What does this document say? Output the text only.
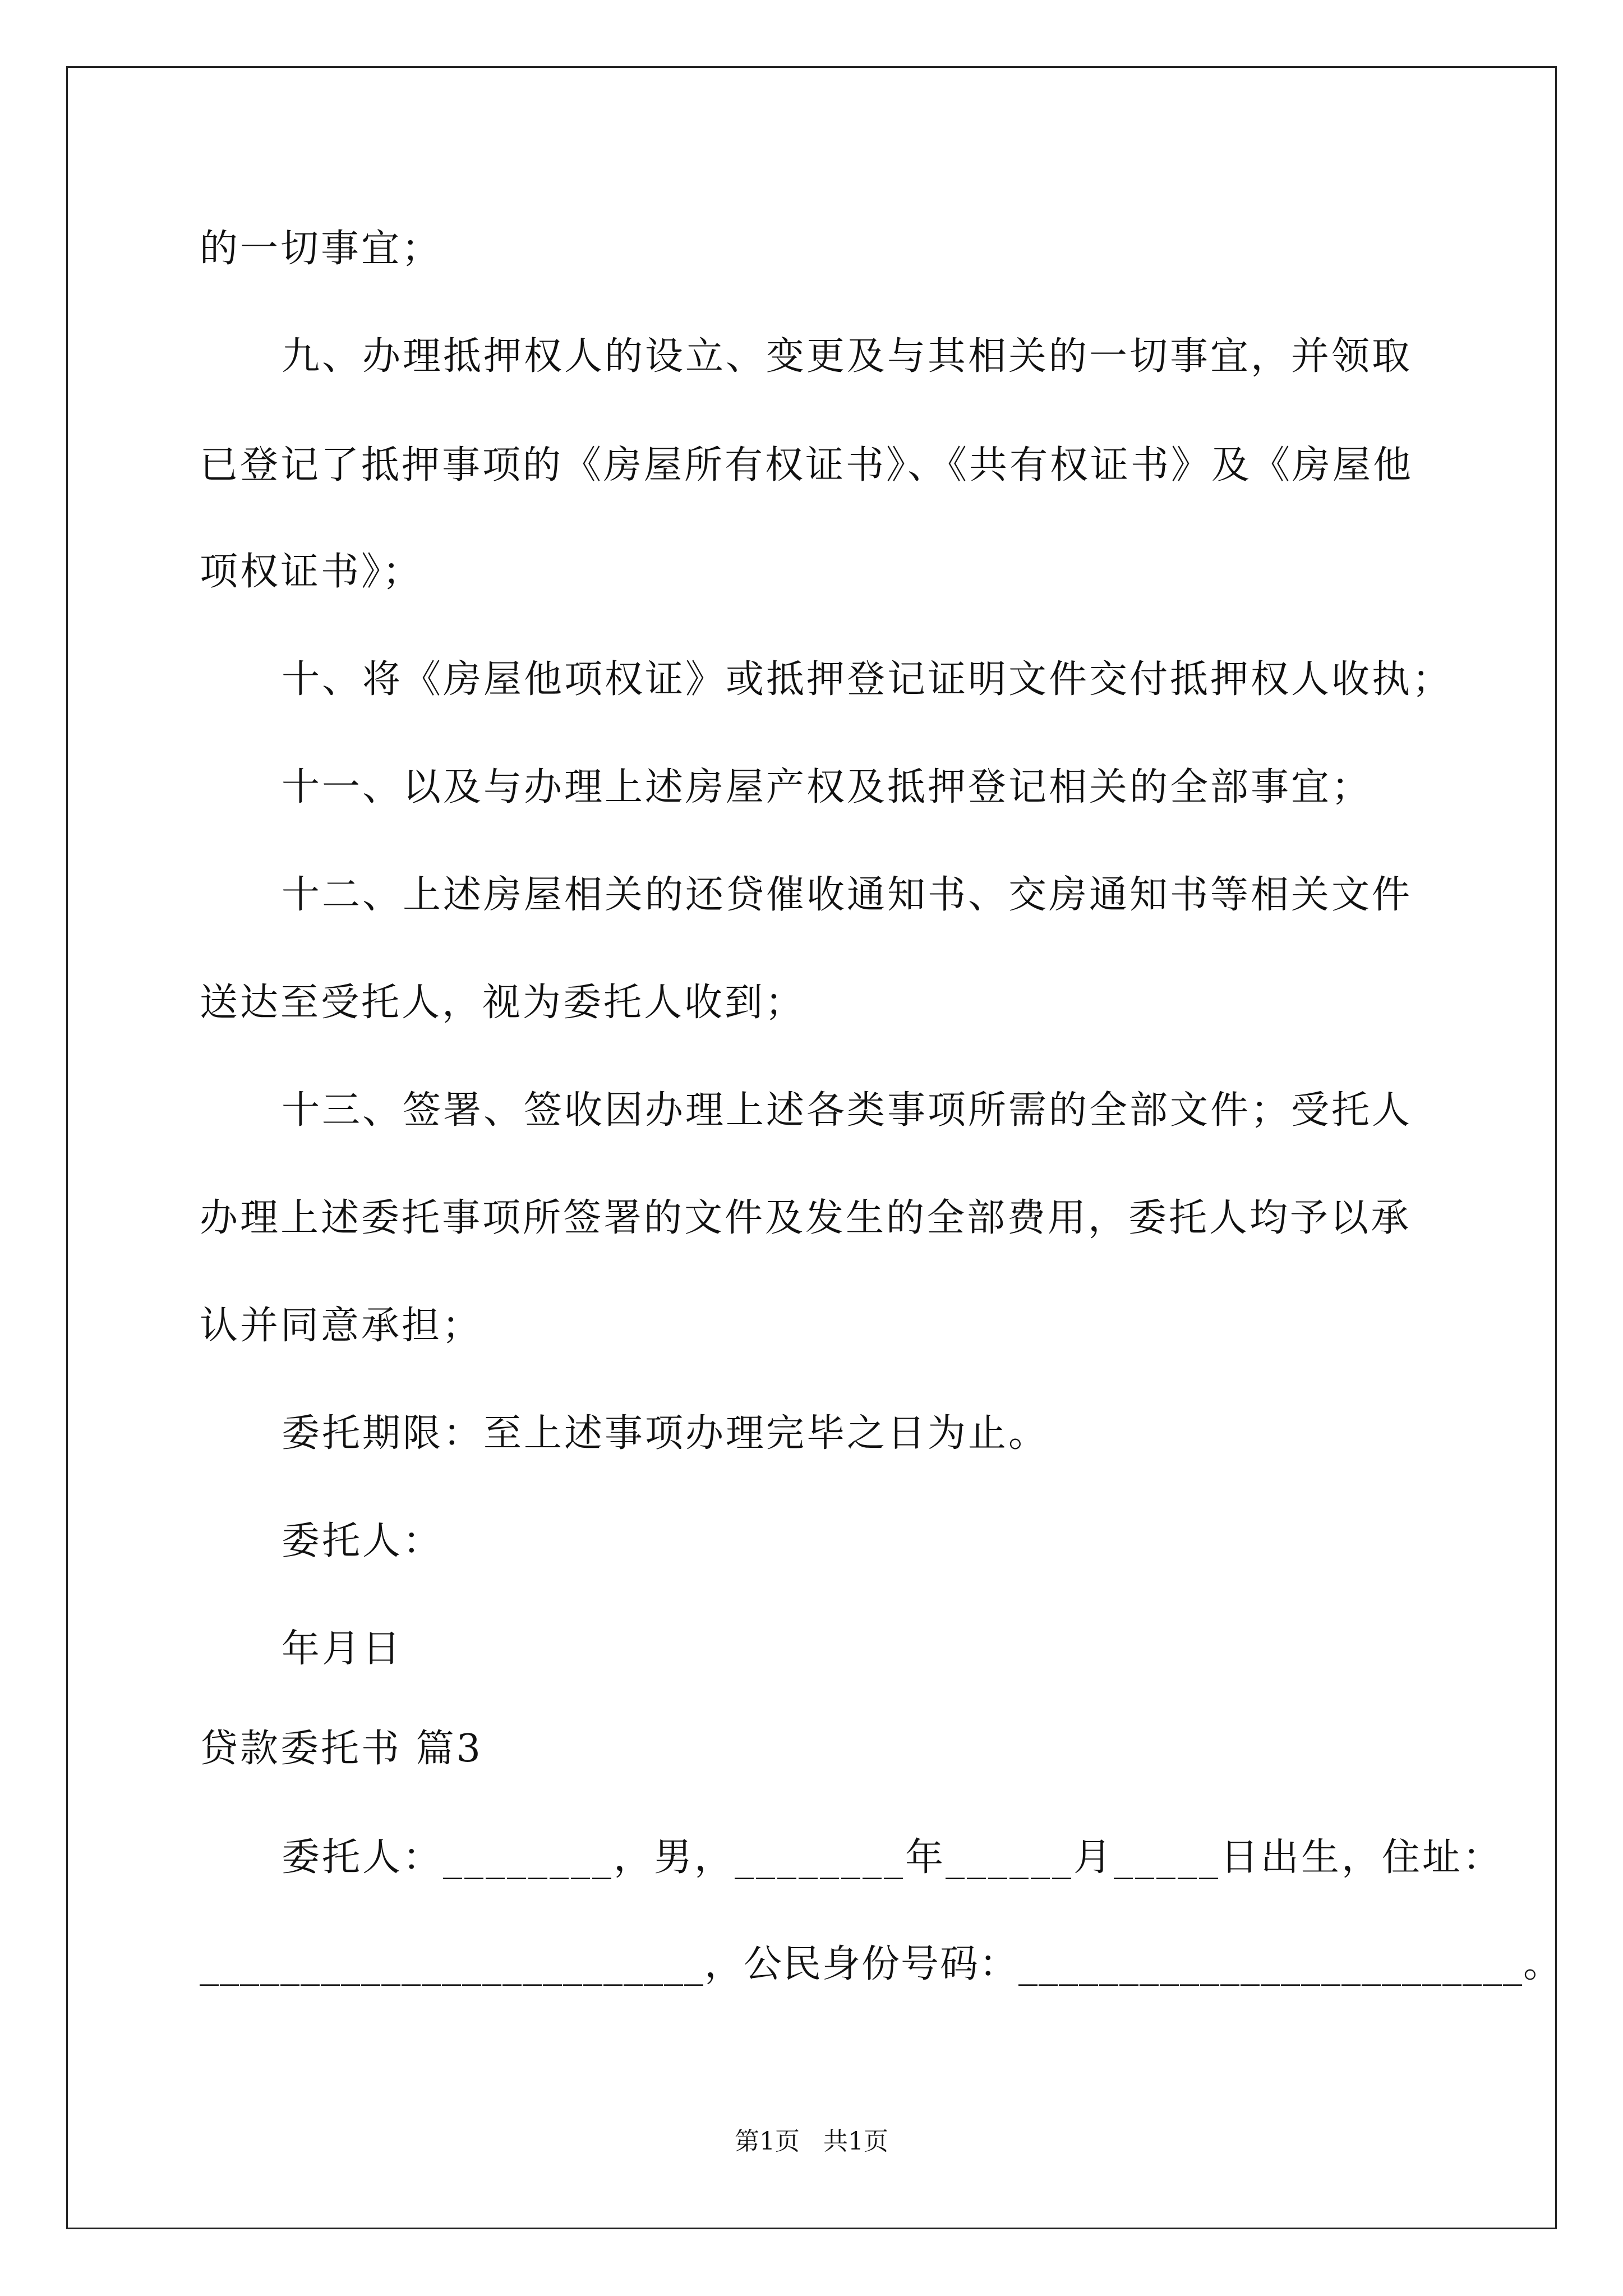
的一切事宜；

九、办理抵押权人的设立、变更及与其相关的一切事宜，并领取

已登记了抵押事项的《房屋所有权证书》、《共有权证书》及《房屋他

项权证书》；

十、将《房屋他项权证》或抵押登记证明文件交付抵押权人收执；

十一、以及与办理上述房屋产权及抵押登记相关的全部事宜；

十二、上述房屋相关的还贷催收通知书、交房通知书等相关文件

送达至受托人，视为委托人收到；

十三、签署、签收因办理上述各类事项所需的全部文件；受托人

办理上述委托事项所签署的文件及发生的全部费用，委托人均予以承

认并同意承担；

委托期限：至上述事项办理完毕之日为止。

委托人：

年月日

贷款委托书 篇3

委托人：________，男，________年______月_____日出生，住址：

_________________________，公民身份号码：_________________________。

第1页   共1页
